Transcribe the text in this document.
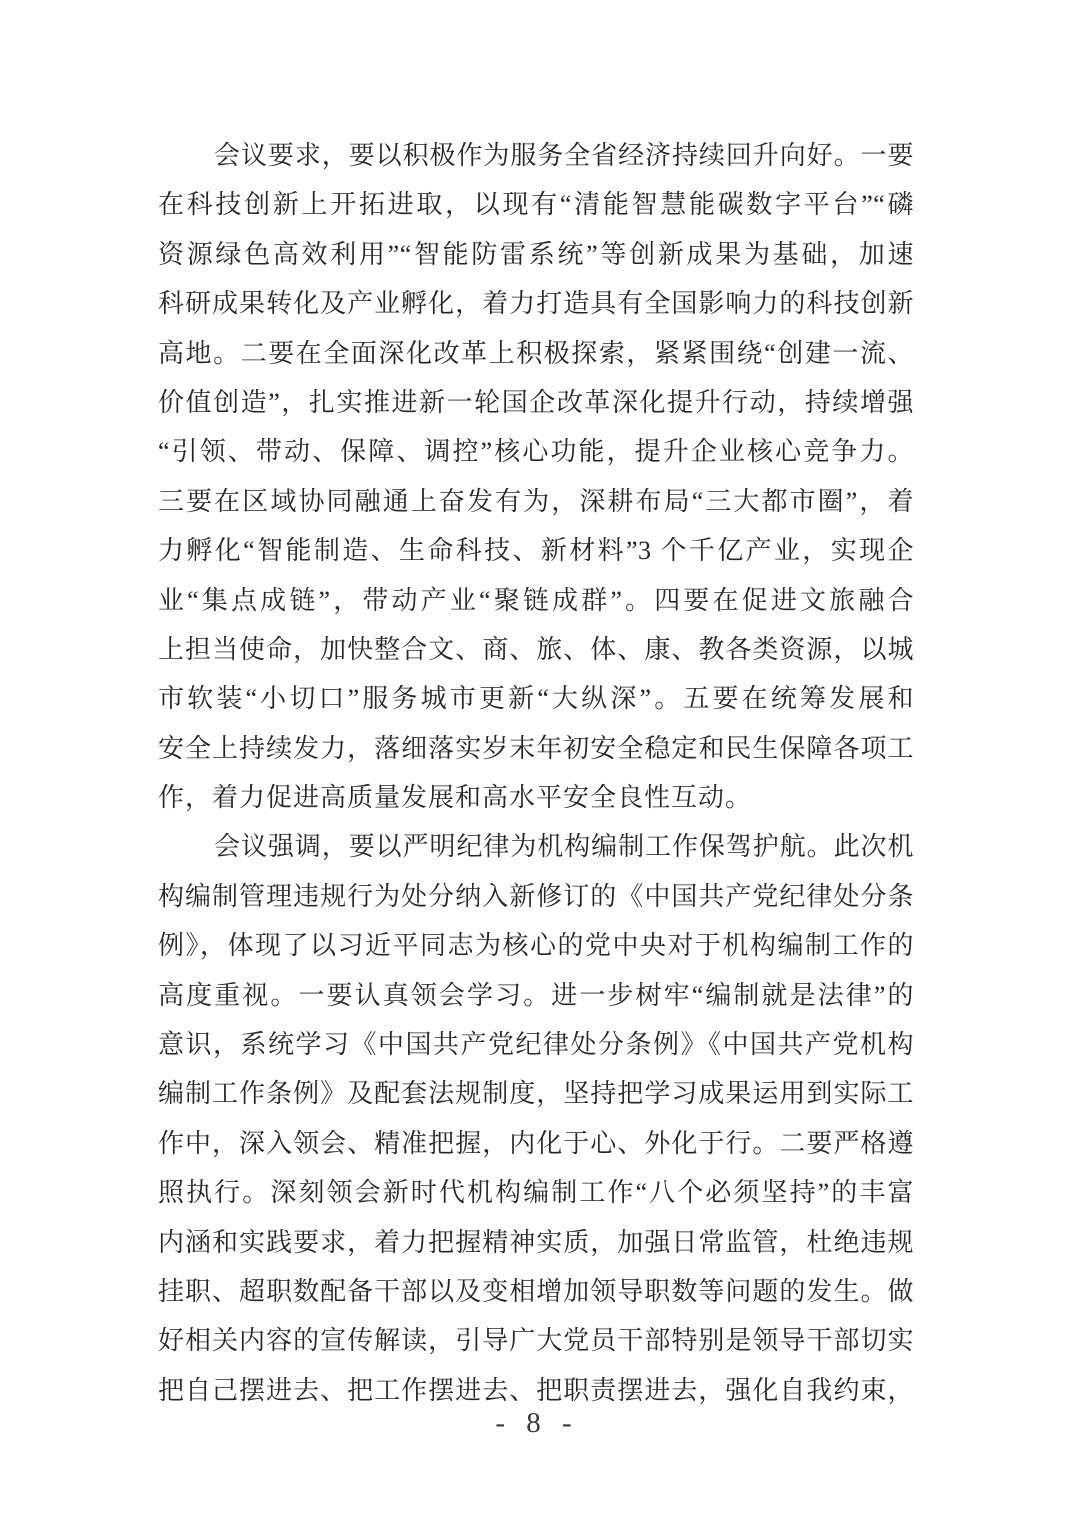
会议要求，要以积极作为服务全省经济持续回升向好。一要
在科技创新上开拓进取，以现有“清能智慧能碳数字平台”“磷
资源绿色高效利用”“智能防雷系统”等创新成果为基础，加速
科研成果转化及产业孵化，着力打造具有全国影响力的科技创新
高地。二要在全面深化改革上积极探索，紧紧围绕“创建一流、
价值创造”，扎实推进新一轮国企改革深化提升行动，持续增强
“引领、带动、保障、调控”核心功能，提升企业核心竞争力。
三要在区域协同融通上奋发有为，深耕布局“三大都市圈”，着
力孵化“智能制造、生命科技、新材料”3 个千亿产业，实现企
业“集点成链”，带动产业“聚链成群”。四要在促进文旅融合
上担当使命，加快整合文、商、旅、体、康、教各类资源，以城
市软装“小切口”服务城市更新“大纵深”。五要在统筹发展和
安全上持续发力，落细落实岁末年初安全稳定和民生保障各项工
作，着力促进高质量发展和高水平安全良性互动。
会议强调，要以严明纪律为机构编制工作保驾护航。此次机
构编制管理违规行为处分纳入新修订的《中国共产党纪律处分条
例》，体现了以习近平同志为核心的党中央对于机构编制工作的
高度重视。一要认真领会学习。进一步树牢“编制就是法律”的
意识，系统学习《中国共产党纪律处分条例》《中国共产党机构
编制工作条例》及配套法规制度，坚持把学习成果运用到实际工
作中，深入领会、精准把握，内化于心、外化于行。二要严格遵
照执行。深刻领会新时代机构编制工作“八个必须坚持”的丰富
内涵和实践要求，着力把握精神实质，加强日常监管，杜绝违规
挂职、超职数配备干部以及变相增加领导职数等问题的发生。做
好相关内容的宣传解读，引导广大党员干部特别是领导干部切实
把自己摆进去、把工作摆进去、把职责摆进去，强化自我约束，
- 8 -
